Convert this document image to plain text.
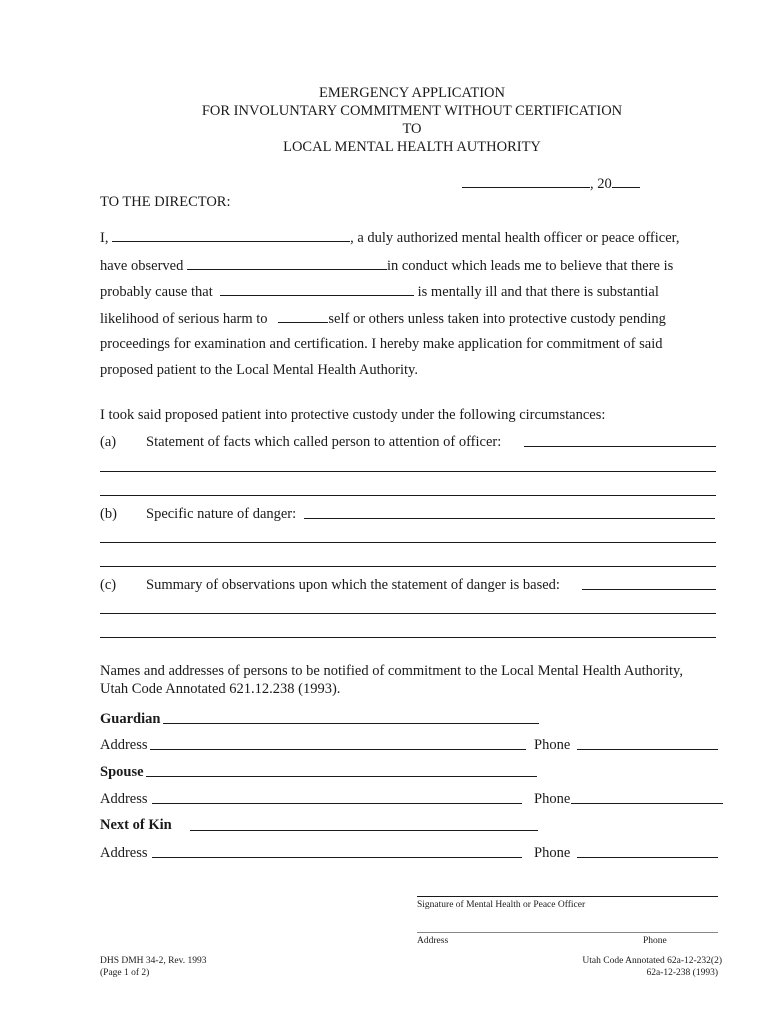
EMERGENCY APPLICATION
FOR INVOLUNTARY COMMITMENT WITHOUT CERTIFICATION
TO
LOCAL MENTAL HEALTH AUTHORITY
, 20
TO THE DIRECTOR:
I,	, a duly authorized mental health officer or peace officer,
have observed	in conduct which leads me to believe that there is
probably cause that	is mentally ill and that there is substantial
likelihood of serious harm to	self or others unless taken into protective custody pending
proceedings for examination and certification. I hereby make application for commitment of said
proposed patient to the Local Mental Health Authority.
I took said proposed patient into protective custody under the following circumstances:
(a) Statement of facts which called person to attention of officer:
(b) Specific nature of danger:
(c) Summary of observations upon which the statement of danger is based:
Names and addresses of persons to be notified of commitment to the Local Mental Health Authority,
Utah Code Annotated 621.12.238 (1993).
Guardian
Address	Phone
Spouse
Address	Phone
Next of Kin
Address	Phone
Signature of Mental Health or Peace Officer
Address	Phone
DHS DMH 34-2, Rev. 1993
(Page 1 of 2)
Utah Code Annotated 62a-12-232(2)
62a-12-238 (1993)
